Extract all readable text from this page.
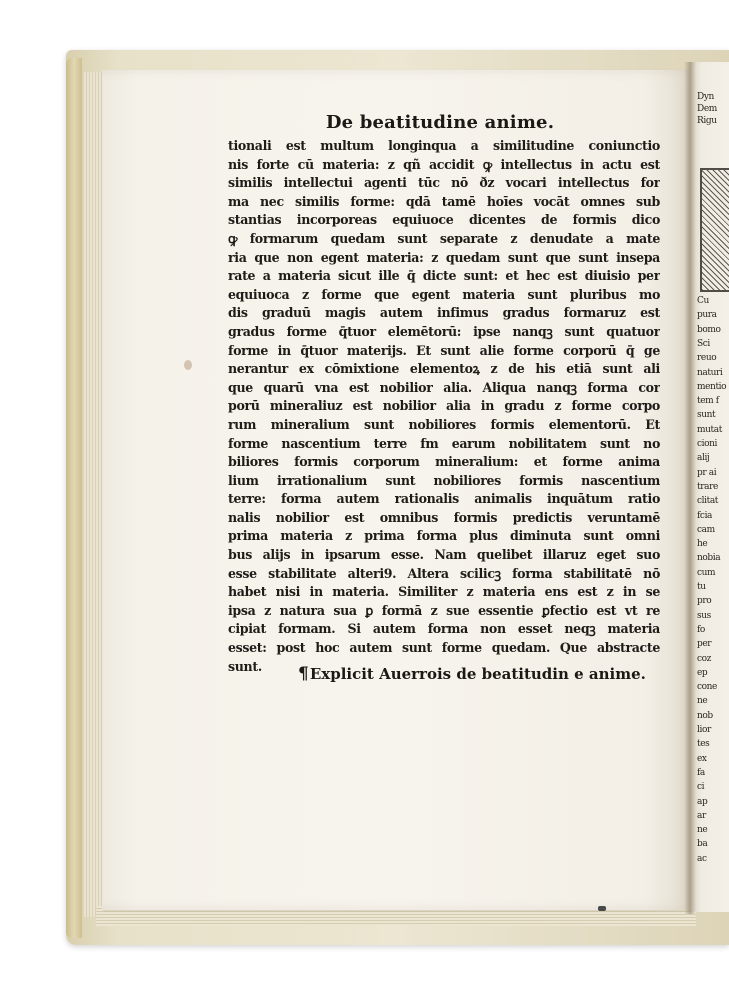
De beatitudine anime.
tionali est multum longinqua a similitudine coniunctio
nis forte cū materia: z qñ accidit ꝙ intellectus in actu est
similis intellectui agenti tūc nō ðz vocari intellectus for
ma nec similis forme: qdā tamē hoīes vocāt omnes sub
stantias incorporeas equiuoce dicentes de formis dico
ꝙ formarum quedam sunt separate z denudate a mate
ria que non egent materia: z quedam sunt que sunt insepa
rate a materia sicut ille q̄ dicte sunt: et hec est diuisio per
equiuoca z forme que egent materia sunt pluribus mo
dis graduū magis autem infimus gradus formaruz est
gradus forme q̄tuor elemētorū: ipse nanqꝫ sunt quatuor
forme in q̄tuor materijs. Et sunt alie forme corporū q̄ ge
nerantur ex cōmixtione elementoꝝ z de his etiā sunt ali
que quarū vna est nobilior alia. Aliqua nanqꝫ forma cor
porū mineraliuz est nobilior alia in gradu z forme corpo
rum mineralium sunt nobiliores formis elementorū. Et
forme nascentium terre fm earum nobilitatem sunt no
biliores formis corporum mineralium: et forme anima
lium irrationalium sunt nobiliores formis nascentium
terre: forma autem rationalis animalis inquātum ratio
nalis nobilior est omnibus formis predictis veruntamē
prima materia z prima forma plus diminuta sunt omni
bus alijs in ipsarum esse. Nam quelibet illaruz eget suo
esse stabilitate alteri9. Altera scilicꝫ forma stabilitatē nō
habet nisi in materia. Similiter z materia ens est z in se
ipsa z natura sua ꝑ formā z sue essentie ꝑfectio est vt re
cipiat formam. Si autem forma non esset neqꝫ materia
esset: post hoc autem sunt forme quedam. Que abstracte
sunt.	¶Explicit Auerrois de beatitudin e anime.
Dyn
Dem
Rigu
Cu
pura
bomo
Sci
reuo
naturi
mentio
tem f
sunt
mutat
cioni
alij
pr ai
trare
clitat
fcia
cam
he
nobia
cum
tu
pro
sus
fo
per
coz
ep
cone
ne
nob
lior
tes
ex
fa
ci
ap
ar
ne
ba
ac
